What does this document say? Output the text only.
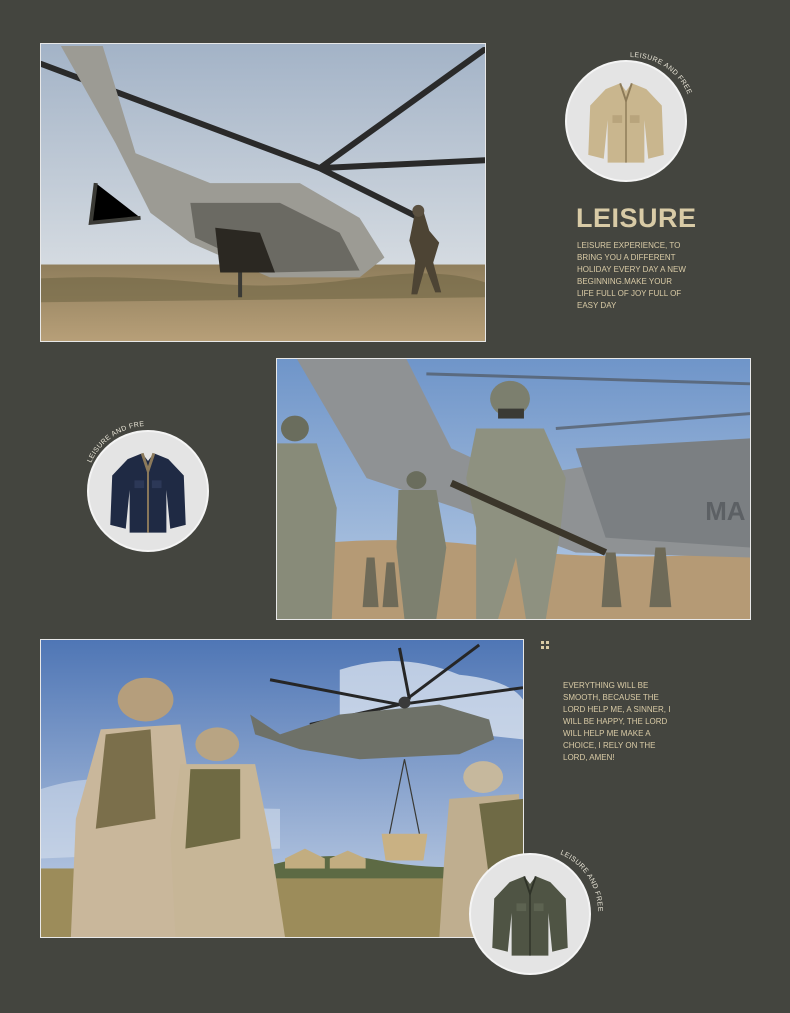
LEISURE AND FREEDOM
LEISURE

LEISURE EXPERIENCE, TO
BRING YOU A DIFFERENT
HOLIDAY EVERY DAY A NEW
BEGINNING.MAKE YOUR
LIFE FULL OF JOY FULL OF
EASY DAY

MA
LEISURE AND FREEDOM

EVERYTHING WILL BE
SMOOTH, BECAUSE THE
LORD HELP ME, A SINNER, I
WILL BE HAPPY, THE LORD
WILL HELP ME MAKE A
CHOICE, I RELY ON THE
LORD, AMEN!

LEISURE AND FREEDOM
